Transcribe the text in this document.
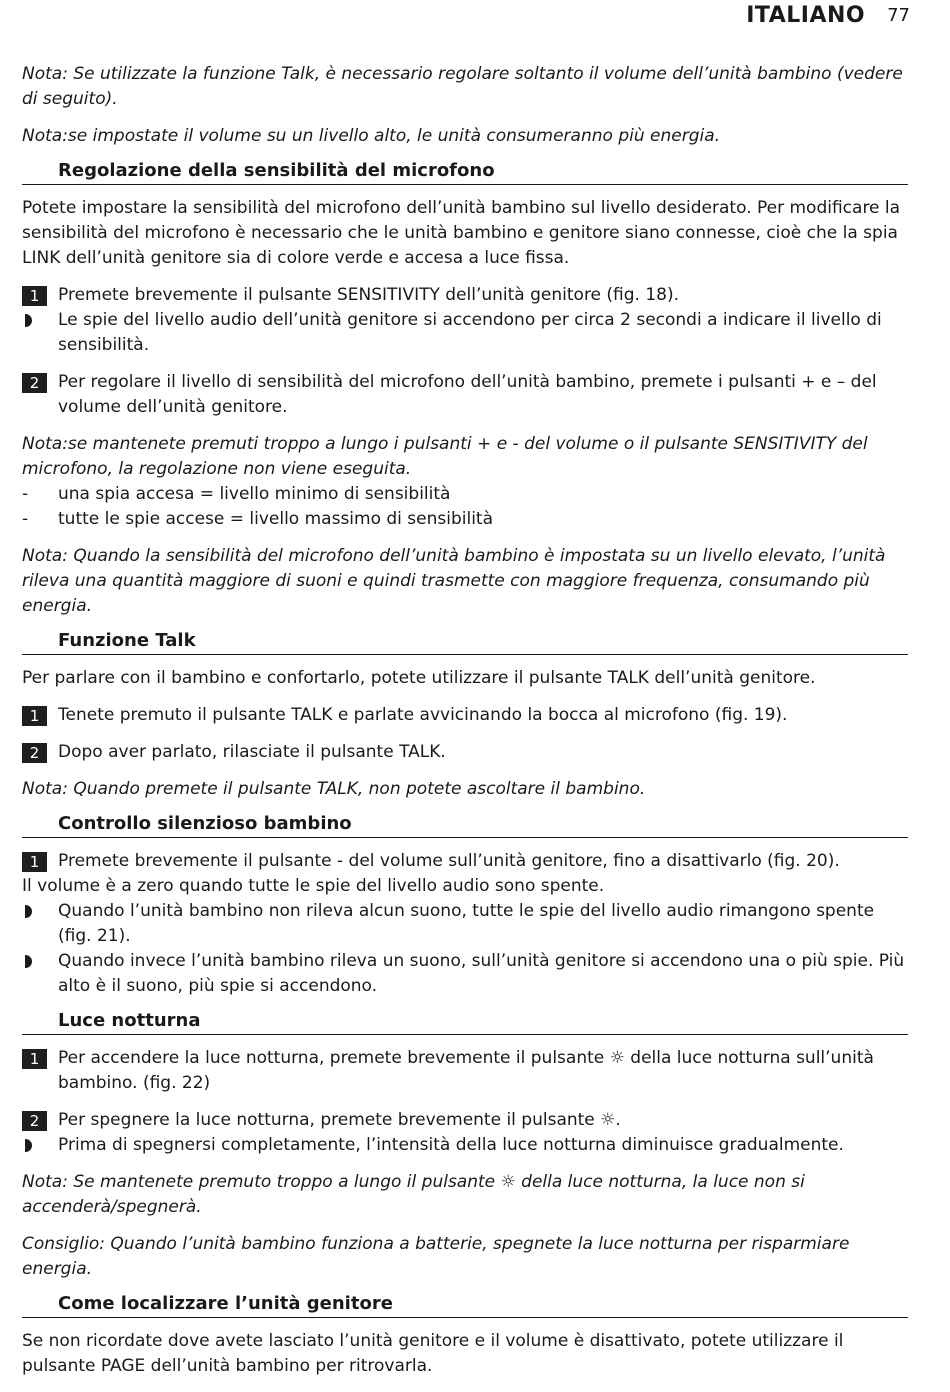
ITALIANO 77

Nota: Se utilizzate la funzione Talk, è necessario regolare soltanto il volume dell’unità bambino (vedere di seguito).

Nota:se impostate il volume su un livello alto, le unità consumeranno più energia.

Regolazione della sensibilità del microfono

Potete impostare la sensibilità del microfono dell’unità bambino sul livello desiderato. Per modificare la sensibilità del microfono è necessario che le unità bambino e genitore siano connesse, cioè che la spia LINK dell’unità genitore sia di colore verde e accesa a luce fissa.

1	Premete brevemente il pulsante SENSITIVITY dell’unità genitore (fig. 18).
Le spie del livello audio dell’unità genitore si accendono per circa 2 secondi a indicare il livello di sensibilità.
2	Per regolare il livello di sensibilità del microfono dell’unità bambino, premete i pulsanti + e – del volume dell’unità genitore.

Nota:se mantenete premuti troppo a lungo i pulsanti + e - del volume o il pulsante SENSITIVITY del microfono, la regolazione non viene eseguita.

- una spia accesa = livello minimo di sensibilità
- tutte le spie accese = livello massimo di sensibilità

Nota: Quando la sensibilità del microfono dell’unità bambino è impostata su un livello elevato, l’unità rileva una quantità maggiore di suoni e quindi trasmette con maggiore frequenza, consumando più energia.

Funzione Talk

Per parlare con il bambino e confortarlo, potete utilizzare il pulsante TALK dell’unità genitore.

1	Tenete premuto il pulsante TALK e parlate avvicinando la bocca al microfono (fig. 19).
2	Dopo aver parlato, rilasciate il pulsante TALK.

Nota: Quando premete il pulsante TALK, non potete ascoltare il bambino.

Controllo silenzioso bambino
1	Premete brevemente il pulsante - del volume sull’unità genitore, fino a disattivarlo (fig. 20).

Il volume è a zero quando tutte le spie del livello audio sono spente.

Quando l’unità bambino non rileva alcun suono, tutte le spie del livello audio rimangono spente (fig. 21).
Quando invece l’unità bambino rileva un suono, sull’unità genitore si accendono una o più spie. Più alto è il suono, più spie si accendono.
Luce notturna
1	Per accendere la luce notturna, premete brevemente il pulsante ☼ della luce notturna sull’unità bambino. (fig. 22)
2	Per spegnere la luce notturna, premete brevemente il pulsante ☼.
Prima di spegnersi completamente, l’intensità della luce notturna diminuisce gradualmente.

Nota: Se mantenete premuto troppo a lungo il pulsante ☼ della luce notturna, la luce non si accenderà/spegnerà.

Consiglio: Quando l’unità bambino funziona a batterie, spegnete la luce notturna per risparmiare energia.

Come localizzare l’unità genitore

Se non ricordate dove avete lasciato l’unità genitore e il volume è disattivato, potete utilizzare il pulsante PAGE dell’unità bambino per ritrovarla.
